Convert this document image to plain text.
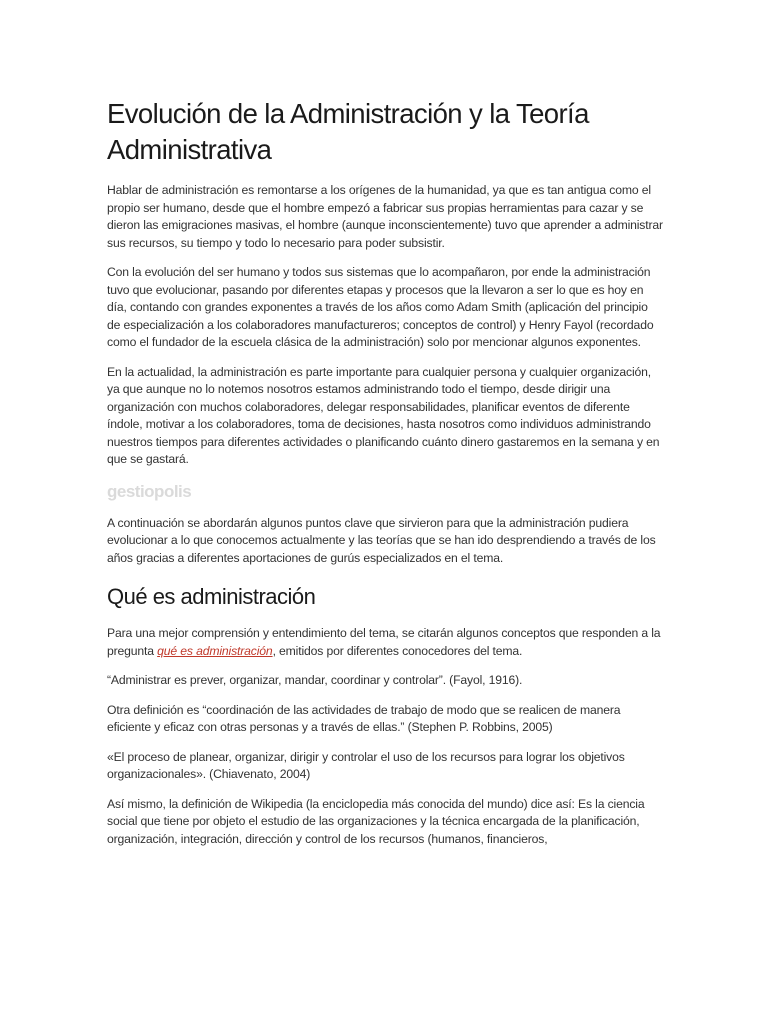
Evolución de la Administración y la Teoría Administrativa

Hablar de administración es remontarse a los orígenes de la humanidad, ya que es tan antigua como el propio ser humano, desde que el hombre empezó a fabricar sus propias herramientas para cazar y se dieron las emigraciones masivas, el hombre (aunque inconscientemente) tuvo que aprender a administrar sus recursos, su tiempo y todo lo necesario para poder subsistir.

Con la evolución del ser humano y todos sus sistemas que lo acompañaron, por ende la administración tuvo que evolucionar, pasando por diferentes etapas y procesos que la llevaron a ser lo que es hoy en día, contando con grandes exponentes a través de los años como Adam Smith (aplicación del principio de especialización a los colaboradores manufactureros; conceptos de control) y Henry Fayol (recordado como el fundador de la escuela clásica de la administración) solo por mencionar algunos exponentes.

En la actualidad, la administración es parte importante para cualquier persona y cualquier organización, ya que aunque no lo notemos nosotros estamos administrando todo el tiempo, desde dirigir una organización con muchos colaboradores, delegar responsabilidades, planificar eventos de diferente índole, motivar a los colaboradores, toma de decisiones, hasta nosotros como individuos administrando nuestros tiempos para diferentes actividades o planificando cuánto dinero gastaremos en la semana y en que se gastará.

gestiopolis

A continuación se abordarán algunos puntos clave que sirvieron para que la administración pudiera evolucionar a lo que conocemos actualmente y las teorías que se han ido desprendiendo a través de los años gracias a diferentes aportaciones de gurús especializados en el tema.

Qué es administración

Para una mejor comprensión y entendimiento del tema, se citarán algunos conceptos que responden a la pregunta qué es administración, emitidos por diferentes conocedores del tema.

“Administrar es prever, organizar, mandar, coordinar y controlar”. (Fayol, 1916).

Otra definición es “coordinación de las actividades de trabajo de modo que se realicen de manera eficiente y eficaz con otras personas y a través de ellas.” (Stephen P. Robbins, 2005)

«El proceso de planear, organizar, dirigir y controlar el uso de los recursos para lograr los objetivos organizacionales». (Chiavenato, 2004)

Así mismo, la definición de Wikipedia (la enciclopedia más conocida del mundo) dice así: Es la ciencia social que tiene por objeto el estudio de las organizaciones y la técnica encargada de la planificación, organización, integración, dirección y control de los recursos (humanos, financieros,
